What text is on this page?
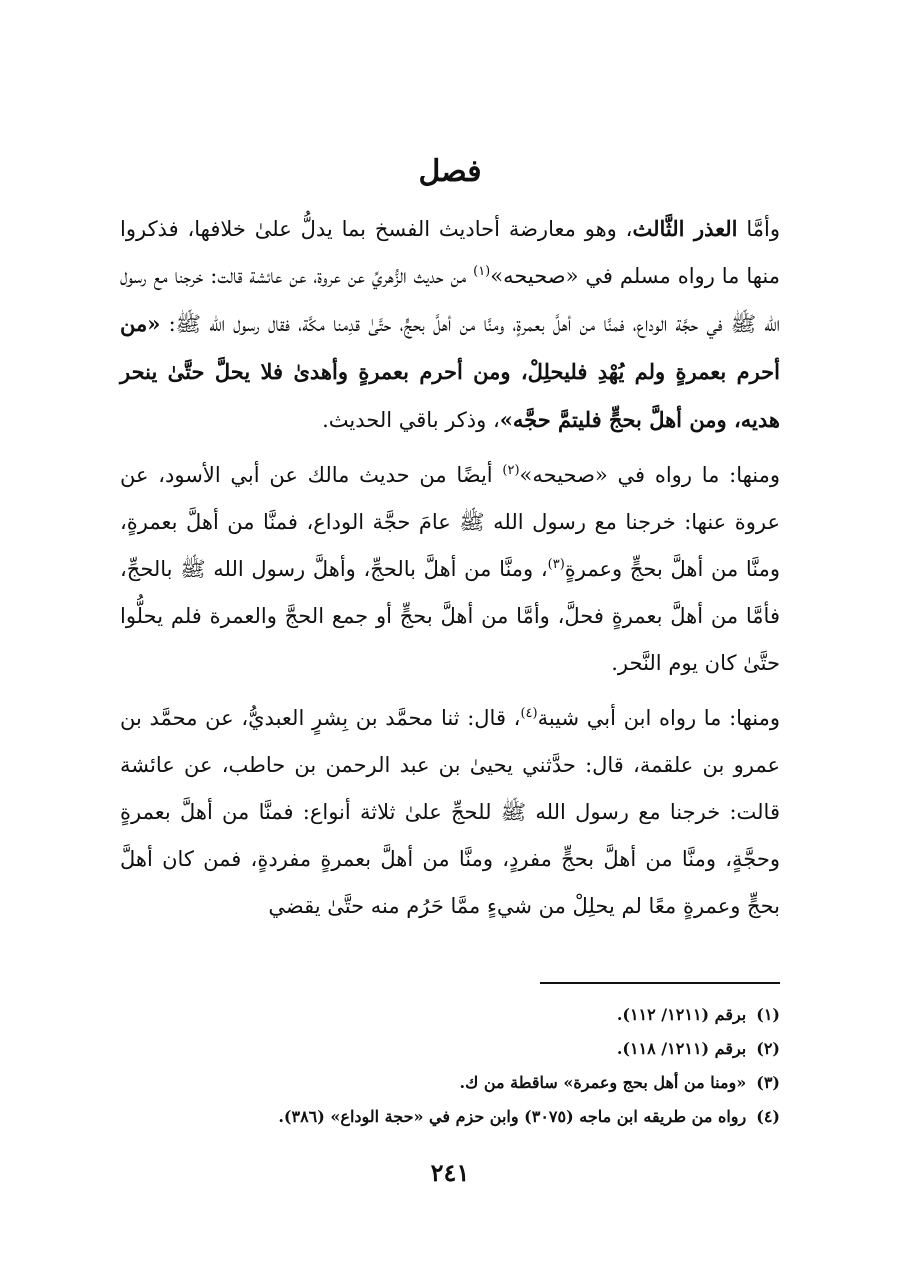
فصل

وأمَّا العذر الثَّالث، وهو معارضة أحاديث الفسخ بما يدلُّ علىٰ خلافها، فذكروا منها ما رواه مسلم في «صحيحه»$^{(١)}$ من حديث الزُّهريِّ عن عروة، عن عائشة قالت: خرجنا مع رسول الله ﷺ في حجَّة الوداع، فمنَّا من أهلَّ بعمرةٍ، ومنَّا من أهلَّ بحجٍّ، حتَّىٰ قدِمنا مكَّة، فقال رسول الله ﷺ: «من أحرم بعمرةٍ ولم يُهْدِ فليحلِلْ، ومن أحرم بعمرةٍ وأهدىٰ فلا يحلَّ حتَّىٰ ينحر هديه، ومن أهلَّ بحجٍّ فليتمَّ حجَّه»، وذكر باقي الحديث.

ومنها: ما رواه في «صحيحه»$^{(٢)}$ أيضًا من حديث مالك عن أبي الأسود، عن عروة عنها: خرجنا مع رسول الله ﷺ عامَ حجَّة الوداع، فمنَّا من أهلَّ بعمرةٍ، ومنَّا من أهلَّ بحجٍّ وعمرةٍ$^{(٣)}$، ومنَّا من أهلَّ بالحجِّ، وأهلَّ رسول الله ﷺ بالحجِّ، فأمَّا من أهلَّ بعمرةٍ فحلَّ، وأمَّا من أهلَّ بحجٍّ أو جمع الحجَّ والعمرة فلم يحلُّوا حتَّىٰ كان يوم النَّحر.

ومنها: ما رواه ابن أبي شيبة$^{(٤)}$، قال: ثنا محمَّد بن بِشرٍ العبديُّ، عن محمَّد بن عمرو بن علقمة، قال: حدَّثني يحيىٰ بن عبد الرحمن بن حاطب، عن عائشة قالت: خرجنا مع رسول الله ﷺ للحجِّ علىٰ ثلاثة أنواع: فمنَّا من أهلَّ بعمرةٍ وحجَّةٍ، ومنَّا من أهلَّ بحجٍّ مفردٍ، ومنَّا من أهلَّ بعمرةٍ مفردةٍ، فمن كان أهلَّ بحجٍّ وعمرةٍ معًا لم يحلِلْ من شيءٍ ممَّا حَرُم منه حتَّىٰ يقضي

(١)
برقم (١٢١١/ ١١٢).
(٢)
برقم (١٢١١/ ١١٨).
(٣)
«ومنا من أهل بحج وعمرة» ساقطة من ك.
(٤)
رواه من طريقه ابن ماجه (٣٠٧٥) وابن حزم في «حجة الوداع» (٣٨٦).
٢٤١
